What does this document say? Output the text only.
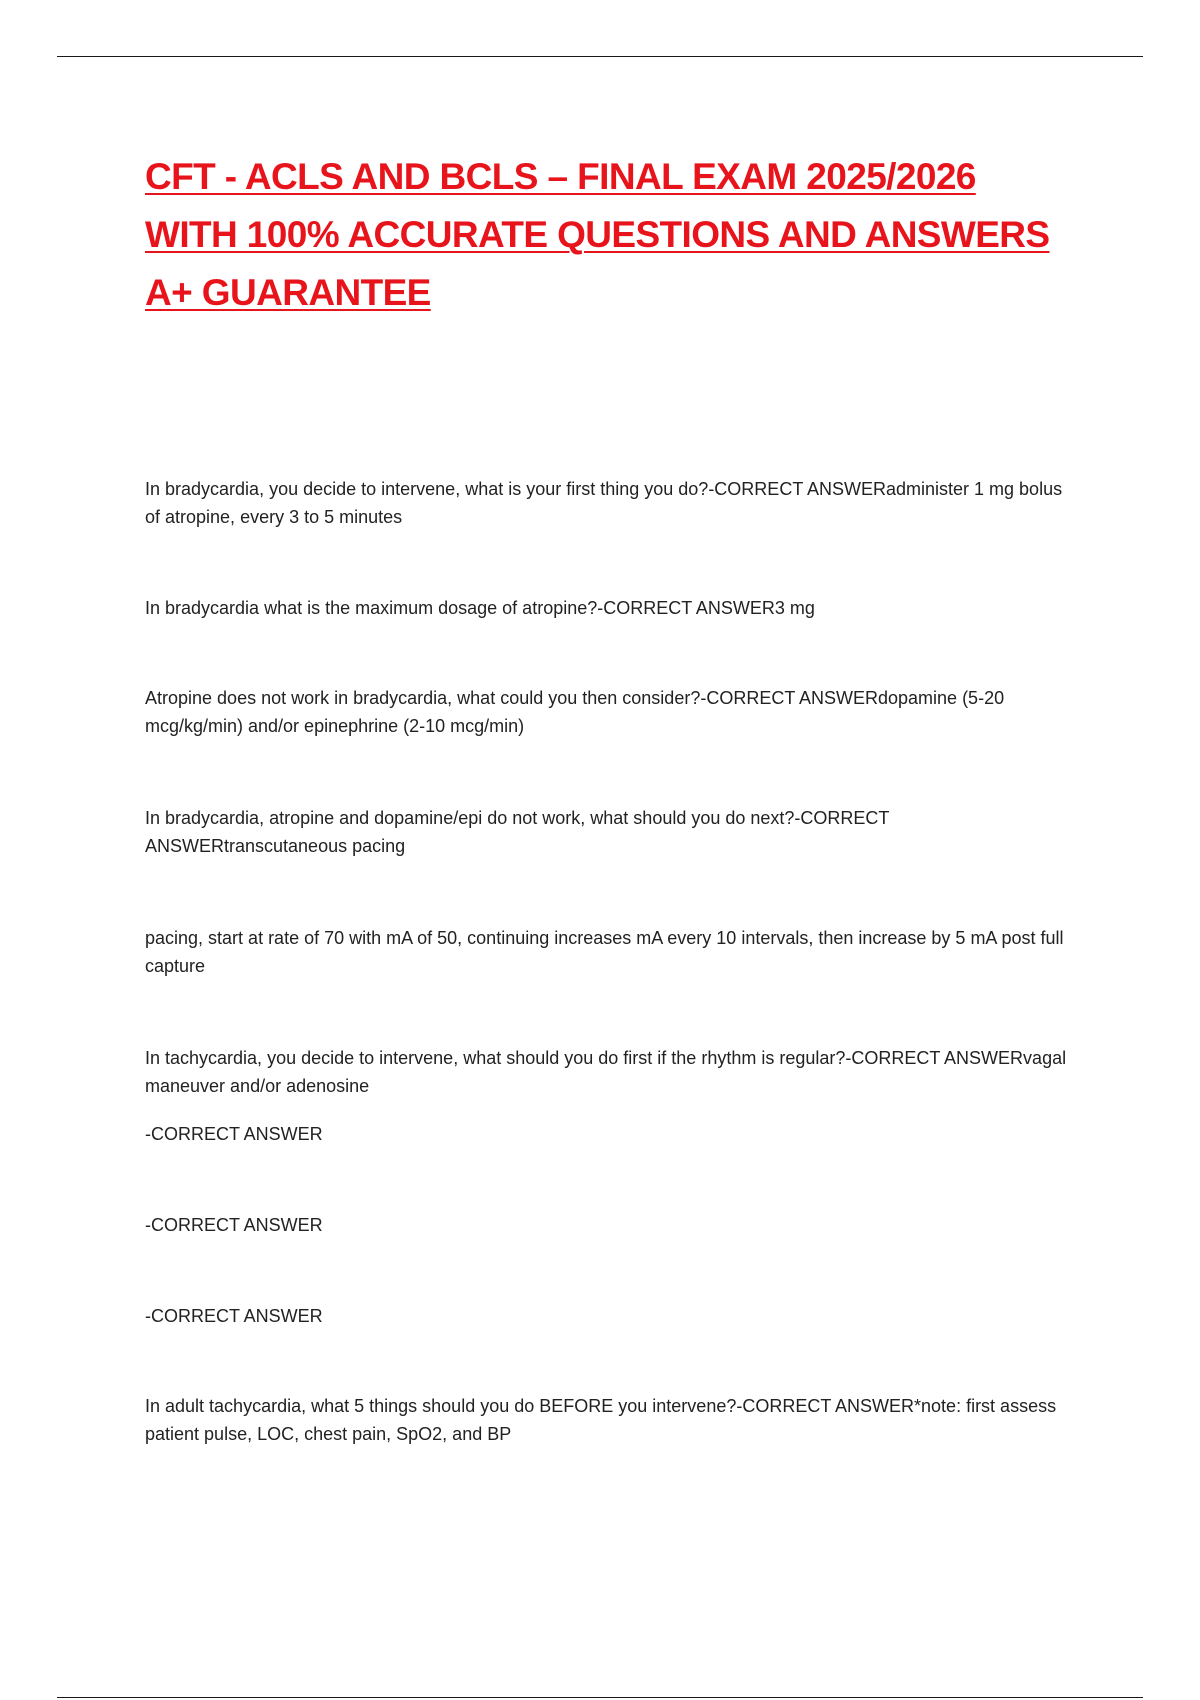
CFT - ACLS AND BCLS – FINAL EXAM 2025/2026
WITH 100% ACCURATE QUESTIONS AND ANSWERS
A+ GUARANTEE

In bradycardia, you decide to intervene, what is your first thing you do?-CORRECT ANSWERadminister 1 mg bolus of atropine, every 3 to 5 minutes

In bradycardia what is the maximum dosage of atropine?-CORRECT ANSWER3 mg

Atropine does not work in bradycardia, what could you then consider?-CORRECT ANSWERdopamine (5-20 mcg/kg/min) and/or epinephrine (2-10 mcg/min)

In bradycardia, atropine and dopamine/epi do not work, what should you do next?-CORRECT ANSWERtranscutaneous pacing

pacing, start at rate of 70 with mA of 50, continuing increases mA every 10 intervals, then increase by 5 mA post full capture

In tachycardia, you decide to intervene, what should you do first if the rhythm is regular?-CORRECT ANSWERvagal maneuver and/or adenosine

-CORRECT ANSWER

-CORRECT ANSWER

-CORRECT ANSWER

In adult tachycardia, what 5 things should you do BEFORE you intervene?-CORRECT ANSWER*note: first assess patient pulse, LOC, chest pain, SpO2, and BP
